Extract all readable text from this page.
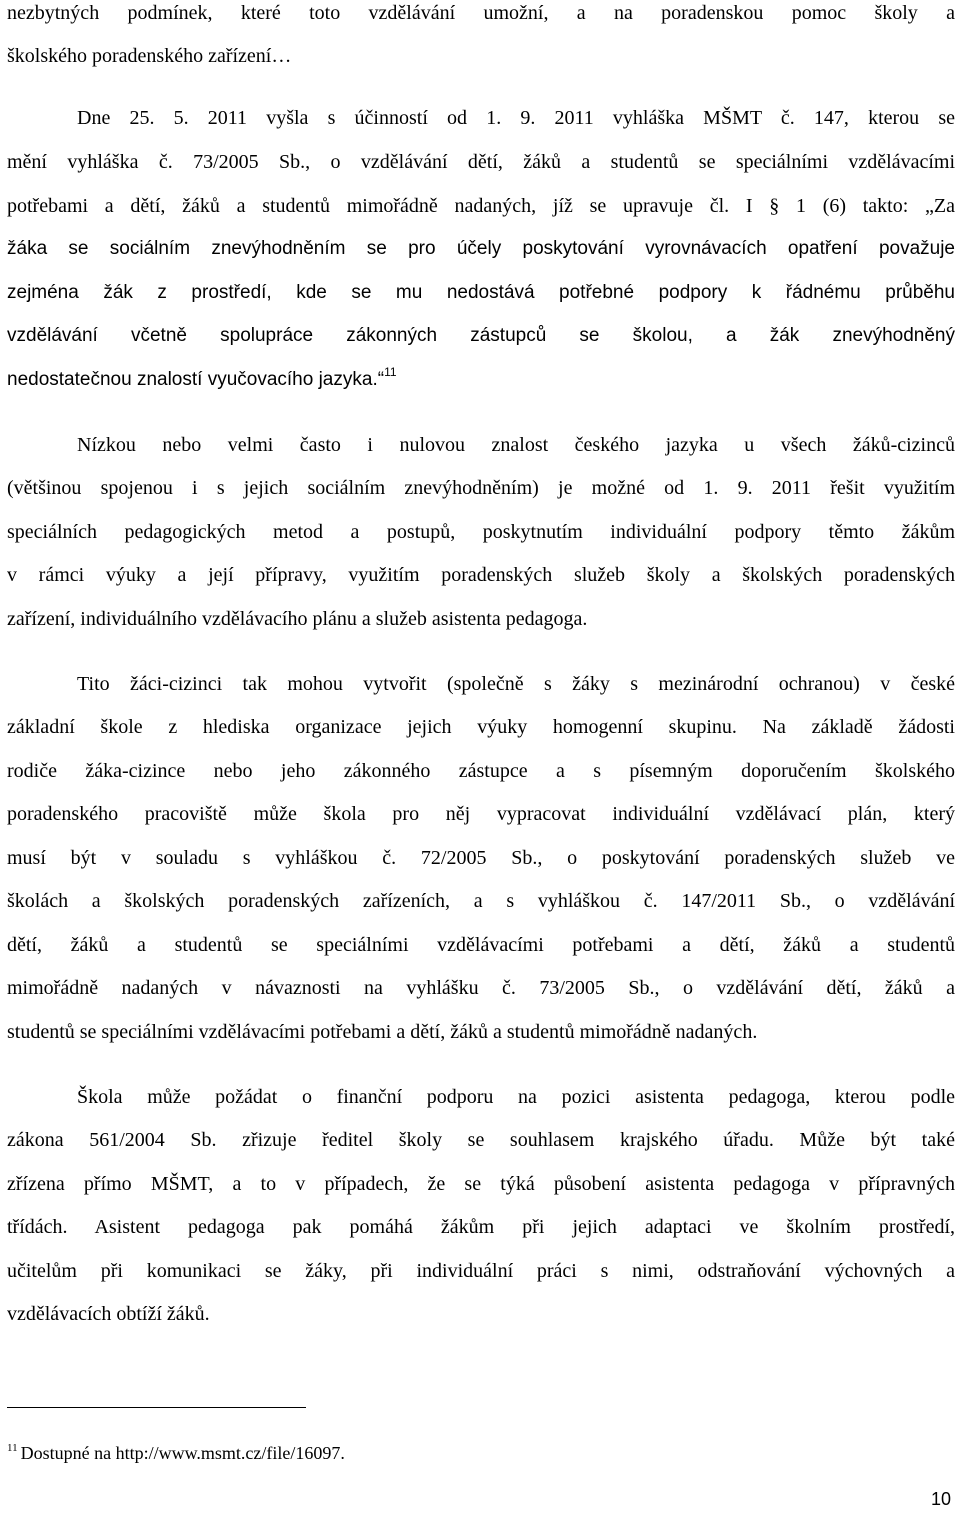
nezbytných podmínek, které toto vzdělávání umožní, a na poradenskou pomoc školy a
školského poradenského zařízení…
Dne 25. 5. 2011 vyšla s účinností od 1. 9. 2011 vyhláška MŠMT č. 147, kterou se
mění vyhláška č. 73/2005 Sb., o vzdělávání dětí, žáků a studentů se speciálními vzdělávacími
potřebami a dětí, žáků a studentů mimořádně nadaných, jíž se upravuje čl. I § 1 (6) takto: „Za
žáka se sociálním znevýhodněním se pro účely poskytování vyrovnávacích opatření považuje
zejména žák z prostředí, kde se mu nedostává potřebné podpory k řádnému průběhu
vzdělávání včetně spolupráce zákonných zástupců se školou, a žák znevýhodněný
nedostatečnou znalostí vyučovacího jazyka.“$^{11}$
Nízkou nebo velmi často i nulovou znalost českého jazyka u všech žáků-cizinců
(většinou spojenou i s jejich sociálním znevýhodněním) je možné od 1. 9. 2011 řešit využitím
speciálních pedagogických metod a postupů, poskytnutím individuální podpory těmto žákům
v rámci výuky a její přípravy, využitím poradenských služeb školy a školských poradenských
zařízení, individuálního vzdělávacího plánu a služeb asistenta pedagoga.
Tito žáci-cizinci tak mohou vytvořit (společně s žáky s mezinárodní ochranou) v české
základní škole z hlediska organizace jejich výuky homogenní skupinu. Na základě žádosti
rodiče žáka-cizince nebo jeho zákonného zástupce a s písemným doporučením školského
poradenského pracoviště může škola pro něj vypracovat individuální vzdělávací plán, který
musí být v souladu s vyhláškou č. 72/2005 Sb., o poskytování poradenských služeb ve
školách a školských poradenských zařízeních, a s vyhláškou č. 147/2011 Sb., o vzdělávání
dětí, žáků a studentů se speciálními vzdělávacími potřebami a dětí, žáků a studentů
mimořádně nadaných v návaznosti na vyhlášku č. 73/2005 Sb., o vzdělávání dětí, žáků a
studentů se speciálními vzdělávacími potřebami a dětí, žáků a studentů mimořádně nadaných.
Škola může požádat o finanční podporu na pozici asistenta pedagoga, kterou podle
zákona 561/2004 Sb. zřizuje ředitel školy se souhlasem krajského úřadu. Může být také
zřízena přímo MŠMT, a to v případech, že se týká působení asistenta pedagoga v přípravných
třídách. Asistent pedagoga pak pomáhá žákům při jejich adaptaci ve školním prostředí,
učitelům při komunikaci se žáky, při individuální práci s nimi, odstraňování výchovných a
vzdělávacích obtíží žáků.
$^{11}$ Dostupné na http://www.msmt.cz/file/16097.
10
